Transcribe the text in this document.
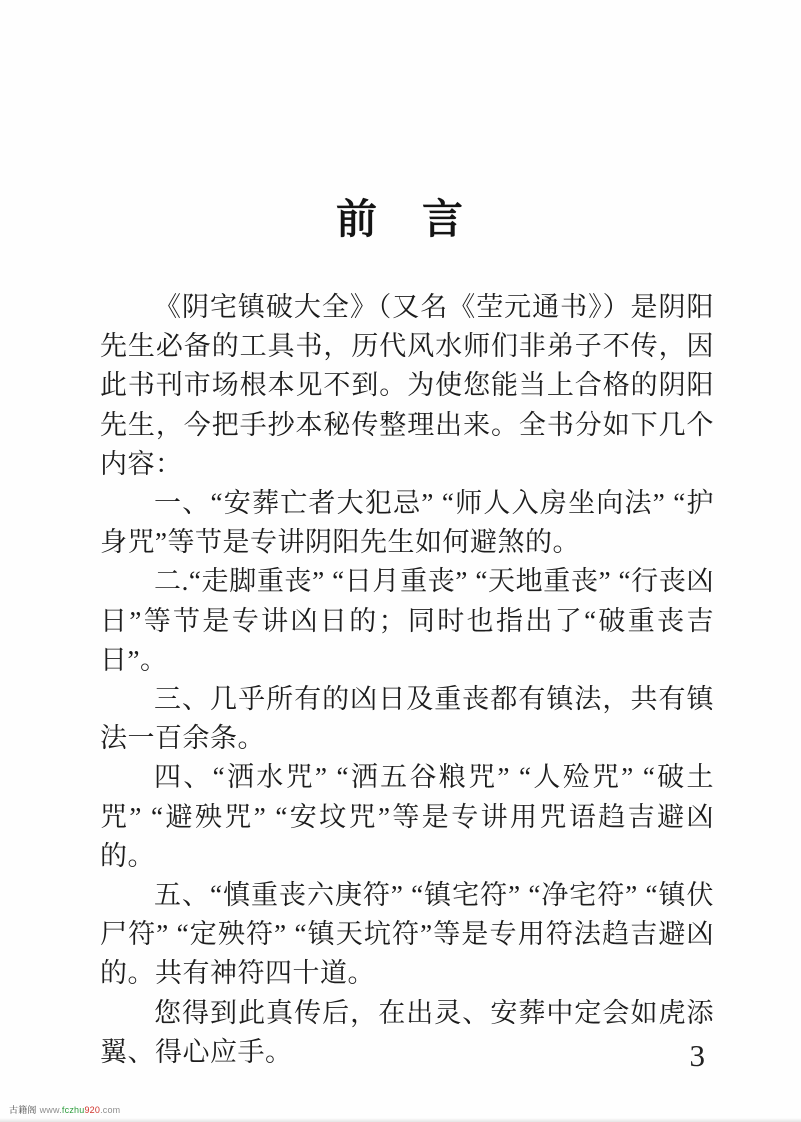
前　言

《阴宅镇破大全》（又名《茔元通书》）是阴阳先生必备的工具书，历代风水师们非弟子不传，因此书刊市场根本见不到。为使您能当上合格的阴阳先生，今把手抄本秘传整理出来。全书分如下几个内容：

一、“安葬亡者大犯忌” “师人入房坐向法” “护身咒”等节是专讲阴阳先生如何避煞的。

二.“走脚重丧” “日月重丧” “天地重丧” “行丧凶日”等节是专讲凶日的；同时也指出了“破重丧吉日”。

三、几乎所有的凶日及重丧都有镇法，共有镇法一百余条。

四、“洒水咒” “洒五谷粮咒” “人殓咒” “破土咒” “避殃咒” “安坟咒”等是专讲用咒语趋吉避凶的。

五、“慎重丧六庚符” “镇宅符” “净宅符” “镇伏尸符” “定殃符” “镇天坑符”等是专用符法趋吉避凶的。共有神符四十道。

您得到此真传后，在出灵、安葬中定会如虎添翼、得心应手。	3
古籍阁 www.fczhu920.com
